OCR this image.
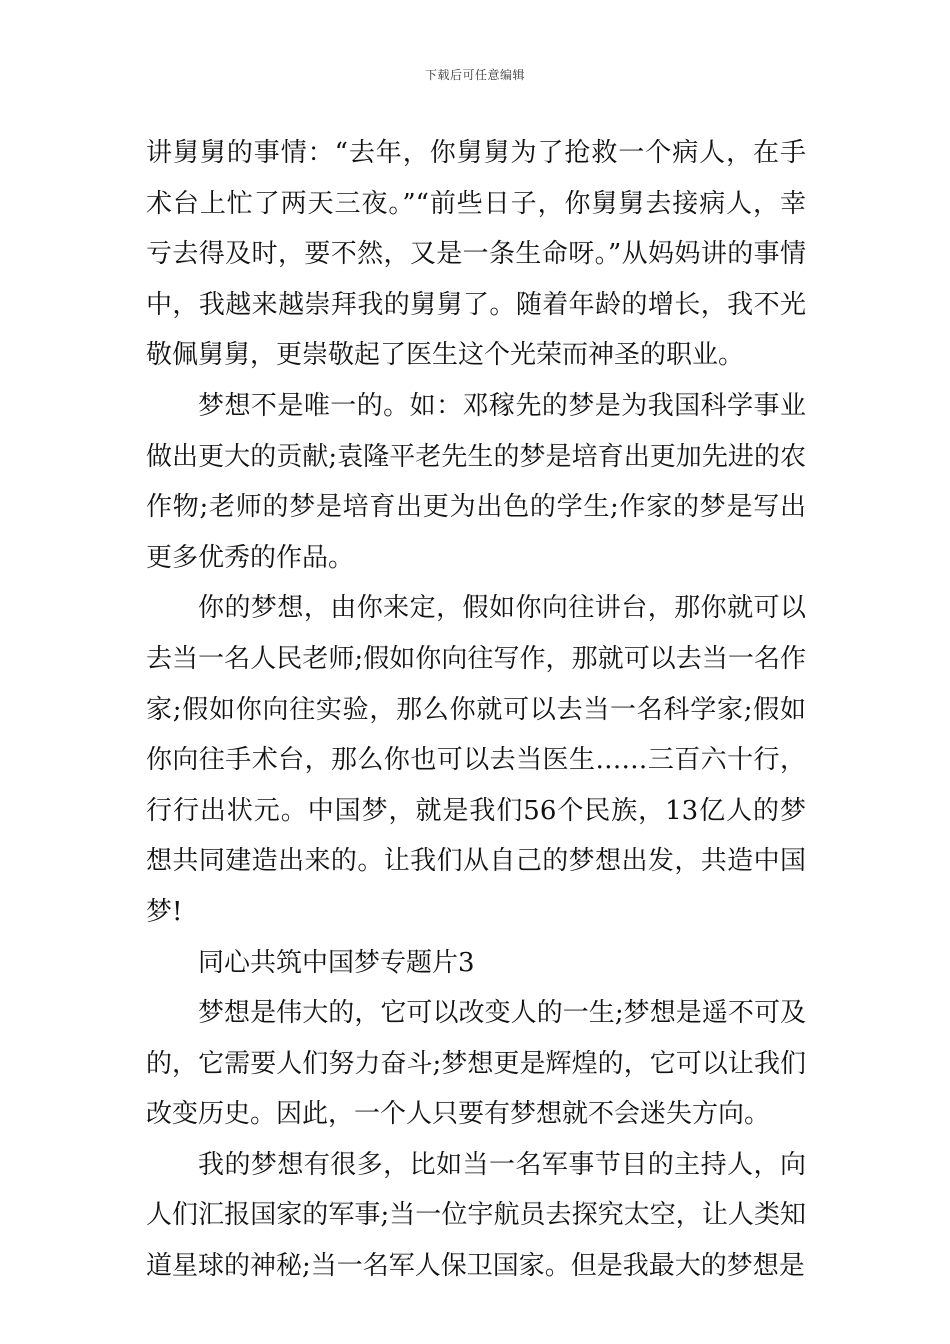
下载后可任意编辑

讲舅舅的事情：“去年，你舅舅为了抢救一个病人，在手术台上忙了两天三夜。”“前些日子，你舅舅去接病人，幸亏去得及时，要不然，又是一条生命呀。”从妈妈讲的事情中，我越来越崇拜我的舅舅了。随着年龄的增长，我不光敬佩舅舅，更崇敬起了医生这个光荣而神圣的职业。

梦想不是唯一的。如：邓稼先的梦是为我国科学事业做出更大的贡献;袁隆平老先生的梦是培育出更加先进的农作物;老师的梦是培育出更为出色的学生;作家的梦是写出更多优秀的作品。

你的梦想，由你来定，假如你向往讲台，那你就可以去当一名人民老师;假如你向往写作，那就可以去当一名作家;假如你向往实验，那么你就可以去当一名科学家;假如你向往手术台，那么你也可以去当医生……三百六十行，行行出状元。中国梦，就是我们56个民族，13亿人的梦想共同建造出来的。让我们从自己的梦想出发，共造中国梦!

同心共筑中国梦专题片3

梦想是伟大的，它可以改变人的一生;梦想是遥不可及的，它需要人们努力奋斗;梦想更是辉煌的，它可以让我们改变历史。因此，一个人只要有梦想就不会迷失方向。

我的梦想有很多，比如当一名军事节目的主持人，向人们汇报国家的军事;当一位宇航员去探究太空，让人类知道星球的神秘;当一名军人保卫国家。但是我最大的梦想是
